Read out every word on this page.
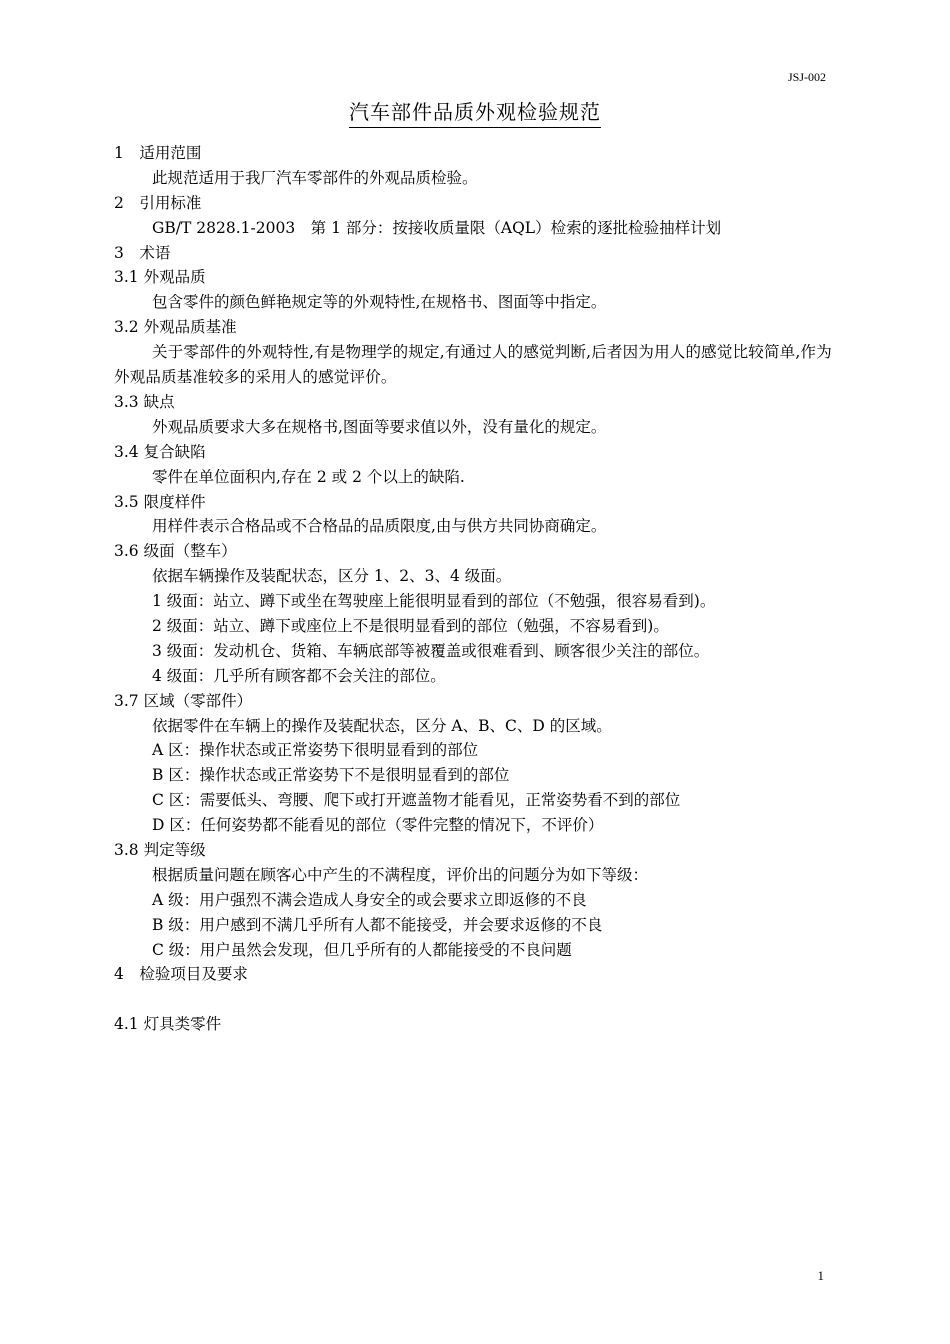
JSJ-002
汽车部件品质外观检验规范
1　适用范围
此规范适用于我厂汽车零部件的外观品质检验。
2　引用标准
GB/T 2828.1-2003　第 1 部分：按接收质量限（AQL）检索的逐批检验抽样计划
3　术语
3.1 外观品质
包含零件的颜色鲜艳规定等的外观特性,在规格书、图面等中指定。
3.2 外观品质基准
关于零部件的外观特性,有是物理学的规定,有通过人的感觉判断,后者因为用人的感觉比较简单,作为外观品质基准较多的采用人的感觉评价。
3.3 缺点
外观品质要求大多在规格书,图面等要求值以外，没有量化的规定。
3.4 复合缺陷
零件在单位面积内,存在 2 或 2 个以上的缺陷.
3.5 限度样件
用样件表示合格品或不合格品的品质限度,由与供方共同协商确定。
3.6 级面（整车）
依据车辆操作及装配状态，区分 1、2、3、4 级面。
1 级面：站立、蹲下或坐在驾驶座上能很明显看到的部位（不勉强，很容易看到)。
2 级面：站立、蹲下或座位上不是很明显看到的部位（勉强，不容易看到)。
3 级面：发动机仓、货箱、车辆底部等被覆盖或很难看到、顾客很少关注的部位。
4 级面：几乎所有顾客都不会关注的部位。
3.7 区域（零部件）
依据零件在车辆上的操作及装配状态，区分 A、B、C、D 的区域。
A 区：操作状态或正常姿势下很明显看到的部位
B 区：操作状态或正常姿势下不是很明显看到的部位
C 区：需要低头、弯腰、爬下或打开遮盖物才能看见，正常姿势看不到的部位
D 区：任何姿势都不能看见的部位（零件完整的情况下，不评价）
3.8 判定等级
根据质量问题在顾客心中产生的不满程度，评价出的问题分为如下等级：
A 级：用户强烈不满会造成人身安全的或会要求立即返修的不良
B 级：用户感到不满几乎所有人都不能接受，并会要求返修的不良
C 级：用户虽然会发现，但几乎所有的人都能接受的不良问题
4　检验项目及要求
4.1 灯具类零件
1
